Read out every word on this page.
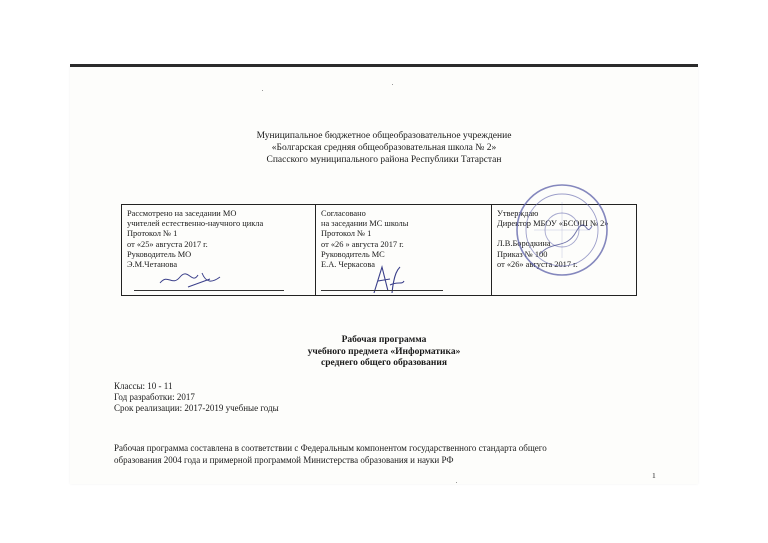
Муниципальное бюджетное общеобразовательное учреждение
«Болгарская средняя общеобразовательная школа № 2»
Спасского муниципального района Республики Татарстан
Рассмотрено на заседании МО
учителей естественно-научного цикла
Протокол № 1
от «25» августа 2017 г.
Руководитель МО
Э.М.Четанова
Согласовано
на заседании МС школы
Протокол № 1
от «26 » августа 2017 г.
Руководитель МС
Е.А. Черкасова
Утверждаю
Директор МБОУ «БСОШ № 2»
Л.В.Бородкина
Приказ № 100
от «26» августа 2017 г.
Рабочая программа
учебного предмета «Информатика»
среднего общего образования
Классы: 10 - 11
Год разработки: 2017
Срок реализации: 2017-2019 учебные годы
Рабочая программа составлена в соответствии с Федеральным компонентом государственного стандарта общего
образования 2004 года и примерной программой Министерства образования и науки РФ
1
